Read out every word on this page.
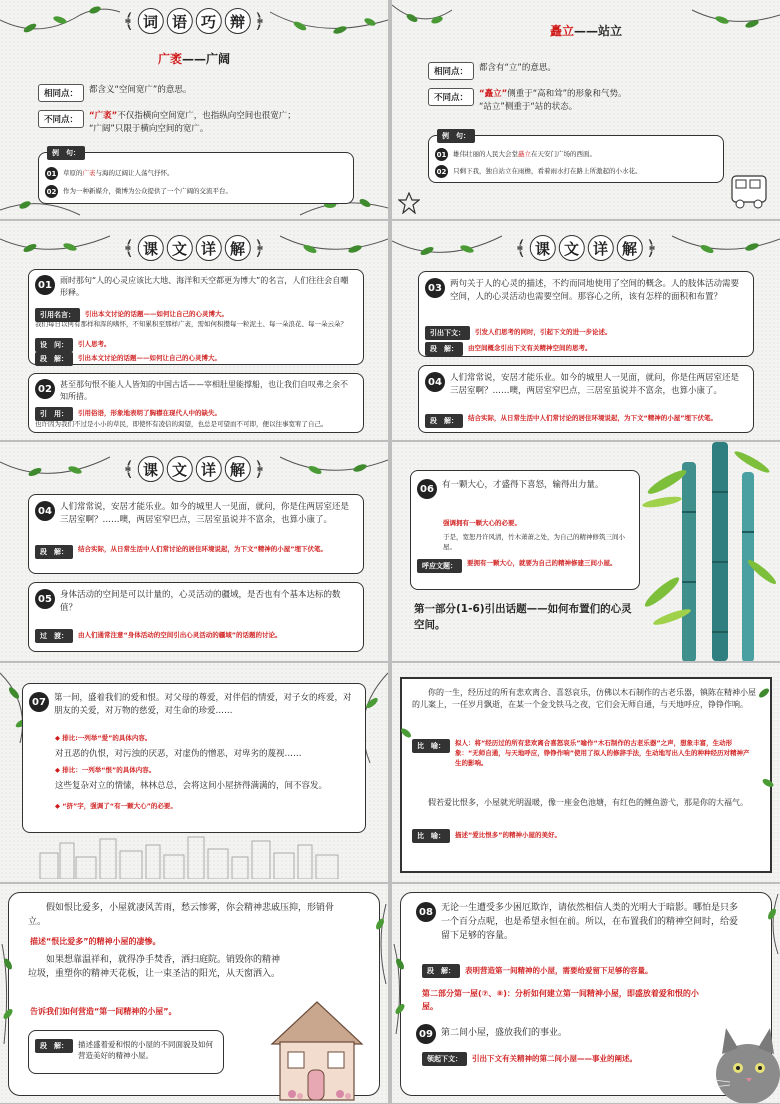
﴾ 词 语 巧 辩 ﴿
广袤——广阔
相同点：	都含义“空间宽广”的意思。
不同点：	“广袤”不仅指横向空间宽广，也指纵向空间也很宽广；
“广阔”只限于横向空间的宽广。
例　句：
01 草原的广袤与海的辽阔让人荡气抒怀。
02 作为一种新媒介，微博为公众提供了一个广阔的交流平台。
矗立——站立
相同点：	都含有“立”的意思。
不同点：	“矗立”侧重于“高和耸”的形象和气势。
“站立”侧重于“站的状态。
例　句：
01 雄伟壮丽的人民大会堂矗立在天安门广场的西面。
02 只剩下我，独自站立在雨檐，看着雨水打在路上所激起的小水花。
﴾ 课 文 详 解 ﴿
01	雨时那句“人的心灵应该比大地、海洋和天空都更为博大”的名言，人们往往会自嘲形释。
引用名言：	引出本文讨论的话题——如何让自己的心灵博大。
我们每日以何有那样和浑的嗜怀，不知累积至那样广袤，需如何积攒每一粒泥土、每一朵浪花、每一朵云朵？
设　问：	引人思考。
段　解：	引出本文讨论的话题——如何让自己的心灵博大。
02	甚至那句恨不能人人皆知的中国古话——宰相肚里能撑船，也让我们自叹弗之余不知所措。
引　用：	引用俗语，形象地表明了胸襟在现代人中的缺失。
也许因为我们不过是小小的草民，即使怀有凌信的渴望，也总是可望而不可即，便以往事宽宥了自己。
﴾ 课 文 详 解 ﴿
03 两句关于人的心灵的描述，不约而同地使用了空间的概念。人的肢体活动需要空间，人的心灵活动也需要空间。那容心之所，该有怎样的面积和布置？
引出下文：	引发人们思考的同时，引起下文的进一步论述。
段　解：	由空间概念引出下文有关精神空间的思考。
04 人们常常说，安居才能乐业。如今的城里人一见面，就问，你是住两居室还是三居室啊？……噢，两居室窄巴点，三居室虽说并不富余，也算小康了。
段　解：	结合实际，从日常生活中人们常讨论的居住环境说起，为下文“精神的小屋”埋下伏笔。
﴾ 课 文 详 解 ﴿
04 人们常常说，安居才能乐业。如今的城里人一见面，就问，你是住两居室还是三居室啊？……噢，两居室窄巴点，三居室虽说并不富余，也算小康了。
段　解：	结合实际，从日常生活中人们常讨论的居住环境说起，为下文“精神的小屋”埋下伏笔。
05 身体活动的空间是可以计量的，心灵活动的疆域，是否也有个基本达标的数值？
过　渡：	由人们通常注意“身体活动的空间引出心灵活动的疆域”的话题的讨论。
06 有一颗大心，才盛得下喜怒，输得出力量。
强调拥有一颗大心的必要。
于是，宽恕丹许风清，竹木萧萧之处，为自己的精神修筑三间小屋。
呼应文题：	要拥有一颗大心，就要为自己的精神修建三间小屋。
第一部分(1-6)引出话题——如何布置们的心灵空间。
07 第一间，盛着我们的爱和恨。对父母的尊爱，对伴侣的情爱，对子女的疼爱，对朋友的关爱，对万物的慈爱，对生命的珍爱……
◆ 排比:一列举“爱”的具体内容。
对丑恶的仇恨，对污浊的厌恶，对虚伪的憎恶，对卑劣的蔑视……
◆ 排比：一列举“恨”的具体内容。
这些复杂对立的情愫，林林总总，会将这间小屋挤得满满的，间不容发。
◆ “挤”字，强调了“有一颗大心”的必要。
你的一生，经历过的所有悲欢离合、喜怒哀乐，仿佛以木石制作的古老乐器，镇陈在精神小屋的儿案上，一任岁月飘逝，在某一个金戈铁马之夜，它们会无师自通，与天地呼应，铮铮作响。
比　喻：	拟人：将“经历过的所有悲欢离合喜怒哀乐”喻作“木石制作的古老乐器”之声，想象丰富，生动形象：“无师自通，与天地呼应，铮铮作响”使用了拟人的修辞手法，生动地写出人生的种种经历对精神产生的影响。
假若爱比恨多，小屋就光明温暖，像一座金色池塘，有红色的鲤鱼游弋，那是你的大福气。
比　喻：	描述“爱比恨多”的精神小屋的美好。
假如恨比爱多，小屋就凄风苦雨，愁云惨雾，你会精神悲戚压抑，形销骨立。
描述“恨比爱多”的精神小屋的凄惨。
如果想靠温祥和，就得净手焚香，洒扫庭院。销毁你的精神垃圾，重塑你的精神天花板，让一束圣洁的阳光，从天窗洒入。
告诉我们如何营造“第一间精神的小屋”。
段　解：	描述盛着爱和恨的小屋的不同面貌及如何营造美好的精神小屋。
08 无论一生遭受多少困厄欺诈，请依然相信人类的光明大于暗影。哪怕是只多一个百分点呢，也是希望永恒在前。所以，在布置我们的精神空间时，给爱留下足够的容量。
段　解：	表明营造第一间精神的小屋，需要给爱留下足够的容量。
第二部分第一屋(⑦、⑧)：分析如何建立第一间精神小屋，即盛放着爱和恨的小屋。
09 第二间小屋，盛放我们的事业。
领起下文：	引出下文有关精神的第二间小屋——事业的阐述。
